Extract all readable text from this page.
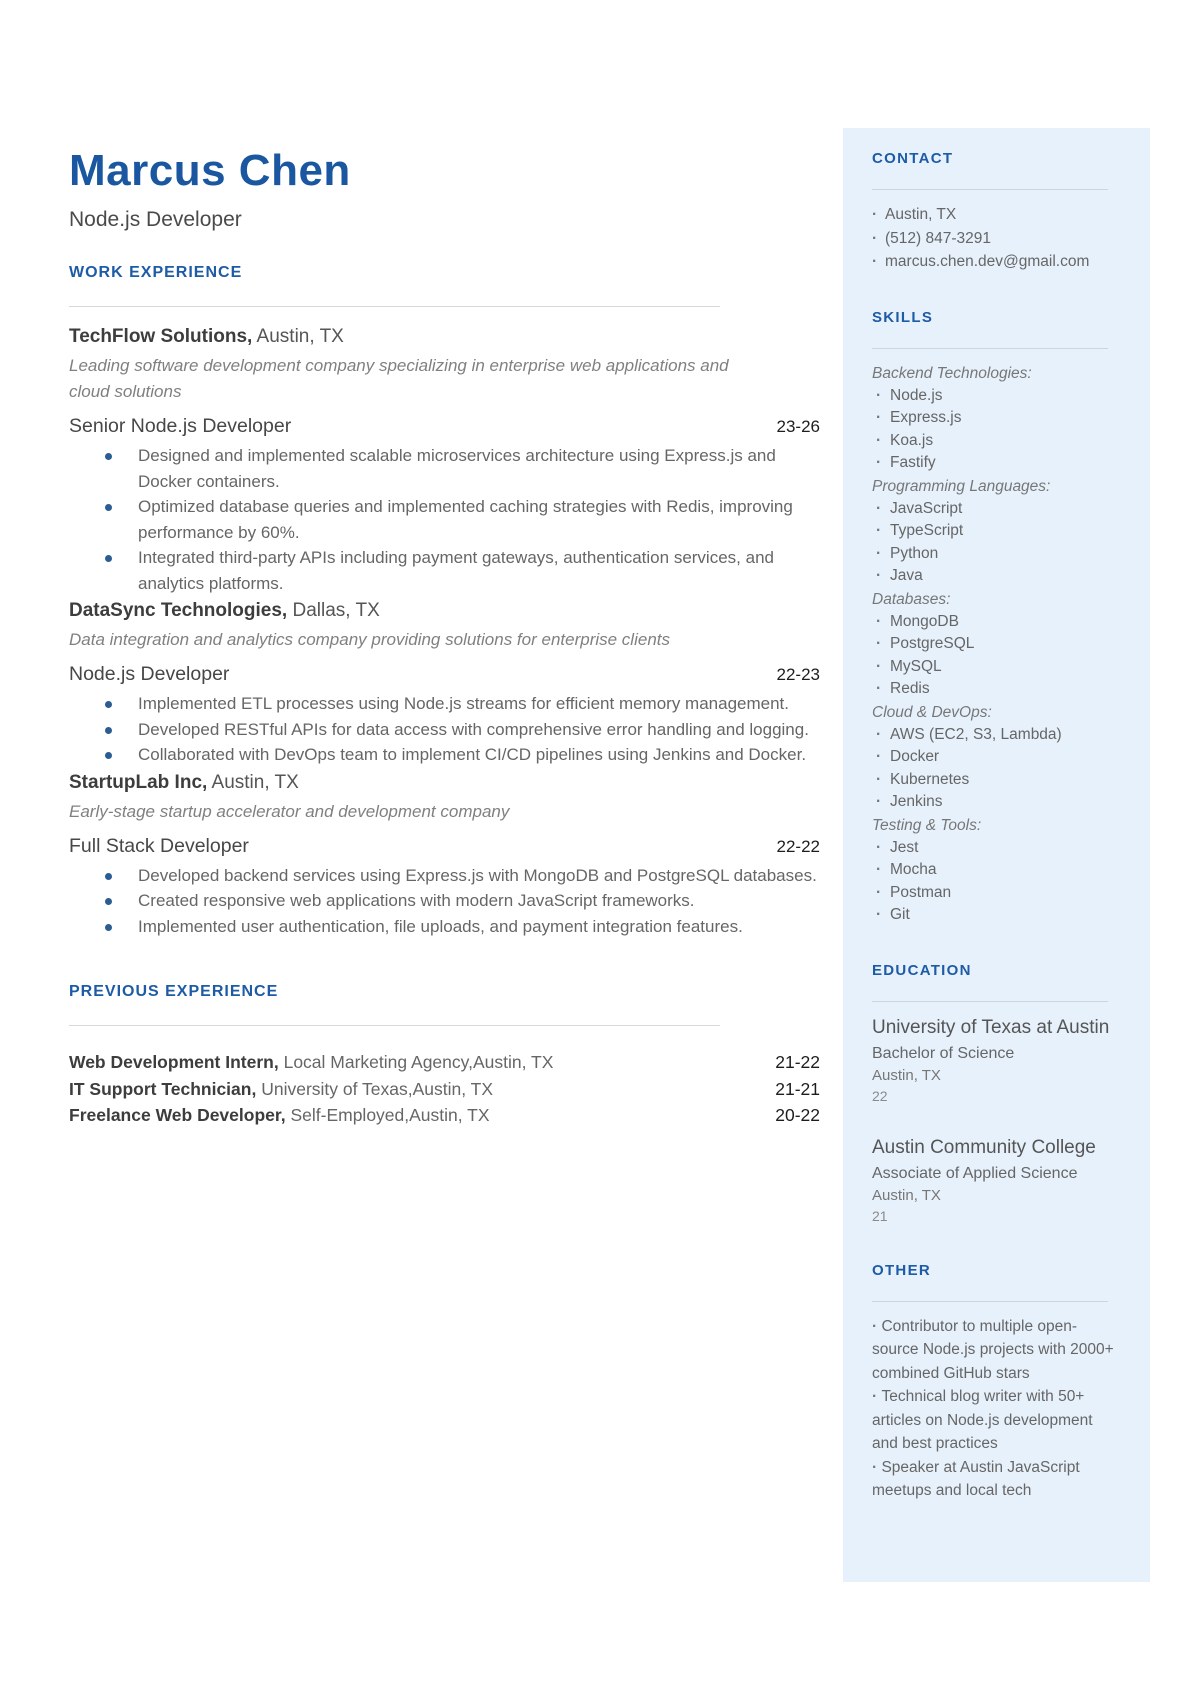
Marcus Chen
Node.js Developer
WORK EXPERIENCE
TechFlow Solutions, Austin, TX
Leading software development company specializing in enterprise web applications and cloud solutions
Senior Node.js Developer	23-26
Designed and implemented scalable microservices architecture using Express.js and Docker containers.
Optimized database queries and implemented caching strategies with Redis, improving performance by 60%.
Integrated third-party APIs including payment gateways, authentication services, and analytics platforms.
DataSync Technologies, Dallas, TX
Data integration and analytics company providing solutions for enterprise clients
Node.js Developer	22-23
Implemented ETL processes using Node.js streams for efficient memory management.
Developed RESTful APIs for data access with comprehensive error handling and logging.
Collaborated with DevOps team to implement CI/CD pipelines using Jenkins and Docker.
StartupLab Inc, Austin, TX
Early-stage startup accelerator and development company
Full Stack Developer	22-22
Developed backend services using Express.js with MongoDB and PostgreSQL databases.
Created responsive web applications with modern JavaScript frameworks.
Implemented user authentication, file uploads, and payment integration features.
PREVIOUS EXPERIENCE
Web Development Intern, Local Marketing Agency,Austin, TX	21-22
IT Support Technician, University of Texas,Austin, TX	21-21
Freelance Web Developer, Self-Employed,Austin, TX	20-22
CONTACT
· Austin, TX
· (512) 847-3291
· marcus.chen.dev@gmail.com
SKILLS
Backend Technologies:
· Node.js
· Express.js
· Koa.js
· Fastify
Programming Languages:
· JavaScript
· TypeScript
· Python
· Java
Databases:
· MongoDB
· PostgreSQL
· MySQL
· Redis
Cloud & DevOps:
· AWS (EC2, S3, Lambda)
· Docker
· Kubernetes
· Jenkins
Testing & Tools:
· Jest
· Mocha
· Postman
· Git
EDUCATION
University of Texas at Austin
Bachelor of Science
Austin, TX
22
Austin Community College
Associate of Applied Science
Austin, TX
21
OTHER
· Contributor to multiple open-source Node.js projects with 2000+ combined GitHub stars
· Technical blog writer with 50+ articles on Node.js development and best practices
· Speaker at Austin JavaScript meetups and local tech
